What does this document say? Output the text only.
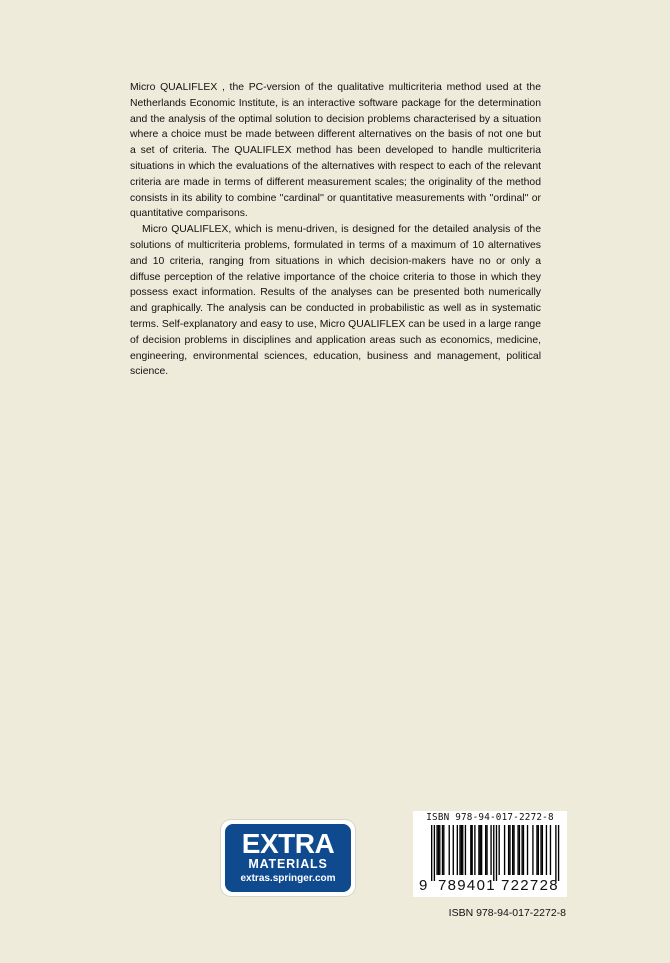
Micro QUALIFLEX , the PC-version of the qualitative multicriteria method used at the Netherlands Economic Institute, is an interactive software package for the determination and the analysis of the optimal solution to decision problems characterised by a situation where a choice must be made between different alternatives on the basis of not one but a set of criteria. The QUALIFLEX method has been developed to handle multicriteria situations in which the evaluations of the alternatives with respect to each of the relevant criteria are made in terms of different measurement scales; the originality of the method consists in its ability to combine ''cardinal'' or quantitative measurements with ''ordinal'' or quantitative comparisons.

Micro QUALIFLEX, which is menu-driven, is designed for the detailed analysis of the solutions of multicriteria problems, formulated in terms of a maximum of 10 alternatives and 10 criteria, ranging from situations in which decision-makers have no or only a diffuse perception of the relative importance of the choice criteria to those in which they possess exact information. Results of the analyses can be presented both numerically and graphically. The analysis can be conducted in probabilistic as well as in systematic terms. Self-explanatory and easy to use, Micro QUALIFLEX can be used in a large range of decision problems in disciplines and application areas such as economics, medicine, engineering, environmental sciences, education, business and management, political science.

EXTRA
MATERIALS
extras.springer.com
ISBN 978-94-017-2272-8
9 789401 722728
ISBN 978-94-017-2272-8
